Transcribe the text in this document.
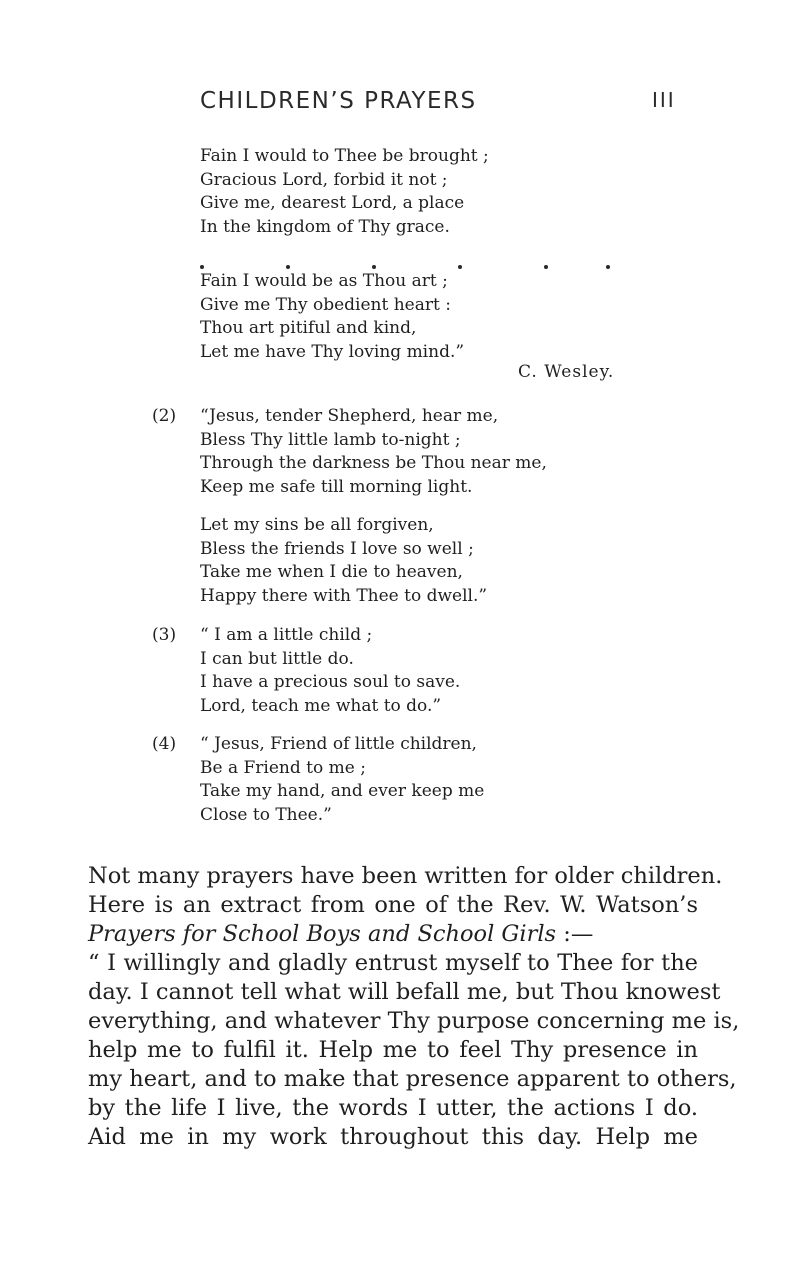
CHILDREN’S PRAYERS	III
Fain I would to Thee be brought ;
Gracious Lord, forbid it not ;
Give me, dearest Lord, a place
In the kingdom of Thy grace.
Fain I would be as Thou art ;
Give me Thy obedient heart :
Thou art pitiful and kind,
Let me have Thy loving mind.”
C. Wesley.
(2) “Jesus, tender Shepherd, hear me,
Bless Thy little lamb to-night ;
Through the darkness be Thou near me,
Keep me safe till morning light.
Let my sins be all forgiven,
Bless the friends I love so well ;
Take me when I die to heaven,
Happy there with Thee to dwell.”
(3) “ I am a little child ;
I can but little do.
I have a precious soul to save.
Lord, teach me what to do.”
(4) “ Jesus, Friend of little children,
Be a Friend to me ;
Take my hand, and ever keep me
Close to Thee.”
Not many prayers have been written for older children.
Here is an extract from one of the Rev. W. Watson’s
Prayers for School Boys and School Girls :—
“ I willingly and gladly entrust myself to Thee for the
day. I cannot tell what will befall me, but Thou knowest
everything, and whatever Thy purpose concerning me is,
help me to fulfil it. Help me to feel Thy presence in
my heart, and to make that presence apparent to others,
by the life I live, the words I utter, the actions I do.
Aid me in my work throughout this day. Help me
